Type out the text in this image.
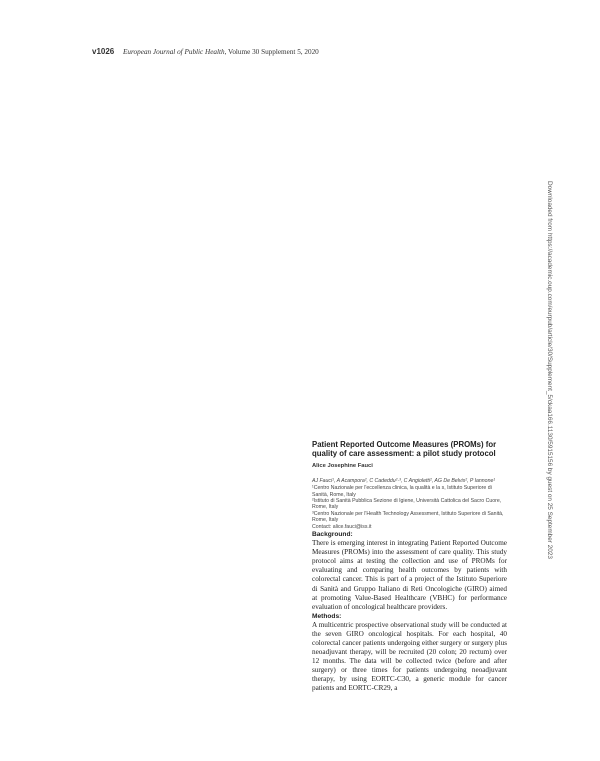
v1026 European Journal of Public Health, Volume 30 Supplement 5, 2020
Downloaded from https://academic.oup.com/eurpub/article/30/Supplement_5/ckaa166.1130/5915156 by guest on 25 September 2023
Patient Reported Outcome Measures (PROMs) for quality of care assessment: a pilot study protocol
Alice Josephine Fauci
AJ Fauci¹, A Acampora², C Cadeddu²·³, C Angioletti², AG De Belvis², P Iannone¹
¹Centro Nazionale per l'eccellenza clinica, la qualità e la s, Istituto Superiore di Sanità, Rome, Italy
²Istituto di Sanità Pubblica Sezione di Igiene, Università Cattolica del Sacro Cuore, Rome, Italy
³Centro Nazionale per l'Health Technology Assessment, Istituto Superiore di Sanità, Rome, Italy
Contact: alice.fauci@iss.it
Background:

There is emerging interest in integrating Patient Reported Outcome Measures (PROMs) into the assessment of care quality. This study protocol aims at testing the collection and use of PROMs for evaluating and comparing health outcomes by patients with colorectal cancer. This is part of a project of the Istituto Superiore di Sanità and Gruppo Italiano di Reti Oncologiche (GIRO) aimed at promoting Value-Based Healthcare (VBHC) for performance evaluation of oncological healthcare providers.

Methods:

A multicentric prospective observational study will be conducted at the seven GIRO oncological hospitals. For each hospital, 40 colorectal cancer patients undergoing either surgery or surgery plus neoadjuvant therapy, will be recruited (20 colon; 20 rectum) over 12 months. The data will be collected twice (before and after surgery) or three times for patients undergoing neoadjuvant therapy, by using EORTC-C30, a generic module for cancer patients and EORTC-CR29, a
